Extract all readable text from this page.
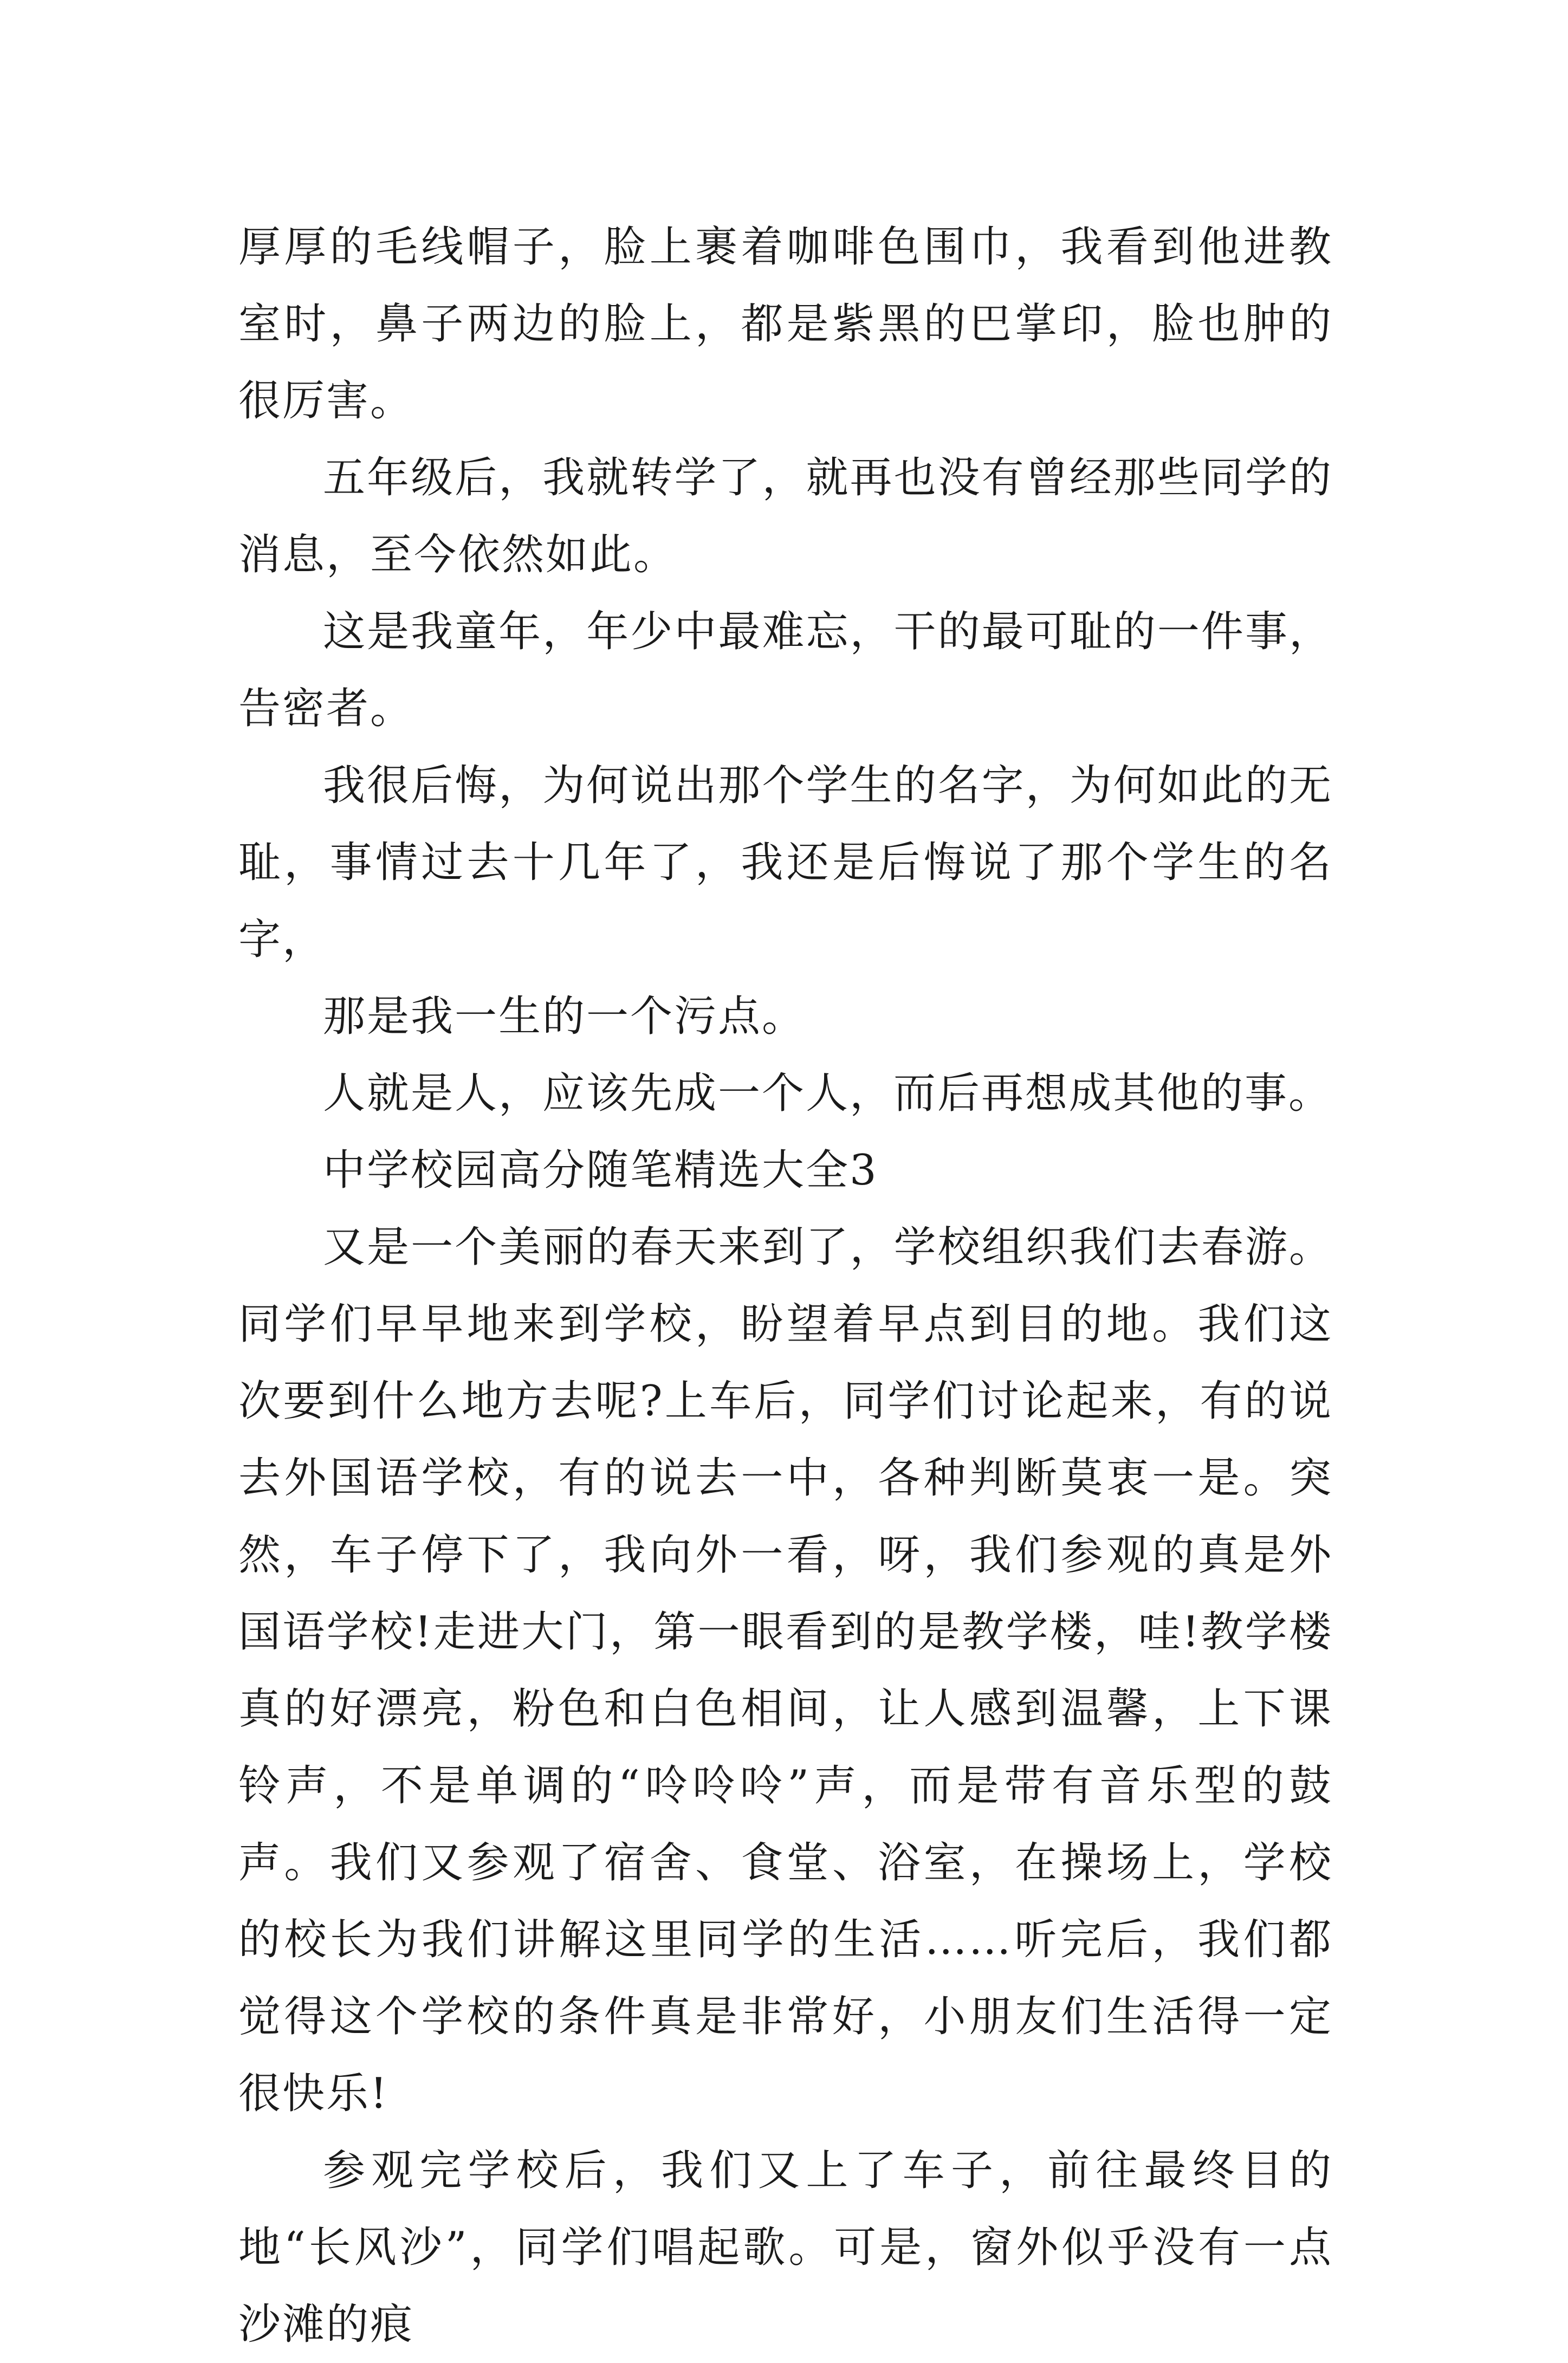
厚厚的毛线帽子，脸上裹着咖啡色围巾，我看到他进教室时，鼻子两边的脸上，都是紫黑的巴掌印，脸也肿的很厉害。

五年级后，我就转学了，就再也没有曾经那些同学的消息，至今依然如此。

这是我童年，年少中最难忘，干的最可耻的一件事，告密者。

我很后悔，为何说出那个学生的名字，为何如此的无耻，事情过去十几年了，我还是后悔说了那个学生的名字，

那是我一生的一个污点。

人就是人，应该先成一个人，而后再想成其他的事。

中学校园高分随笔精选大全3

又是一个美丽的春天来到了，学校组织我们去春游。同学们早早地来到学校，盼望着早点到目的地。我们这次要到什么地方去呢?上车后，同学们讨论起来，有的说去外国语学校，有的说去一中，各种判断莫衷一是。突然，车子停下了，我向外一看，呀，我们参观的真是外国语学校!走进大门，第一眼看到的是教学楼，哇!教学楼真的好漂亮，粉色和白色相间，让人感到温馨，上下课铃声，不是单调的“呤呤呤”声，而是带有音乐型的鼓声。我们又参观了宿舍、食堂、浴室，在操场上，学校的校长为我们讲解这里同学的生活……听完后，我们都觉得这个学校的条件真是非常好，小朋友们生活得一定很快乐!

参观完学校后，我们又上了车子，前往最终目的地“长风沙”，同学们唱起歌。可是，窗外似乎没有一点沙滩的痕
